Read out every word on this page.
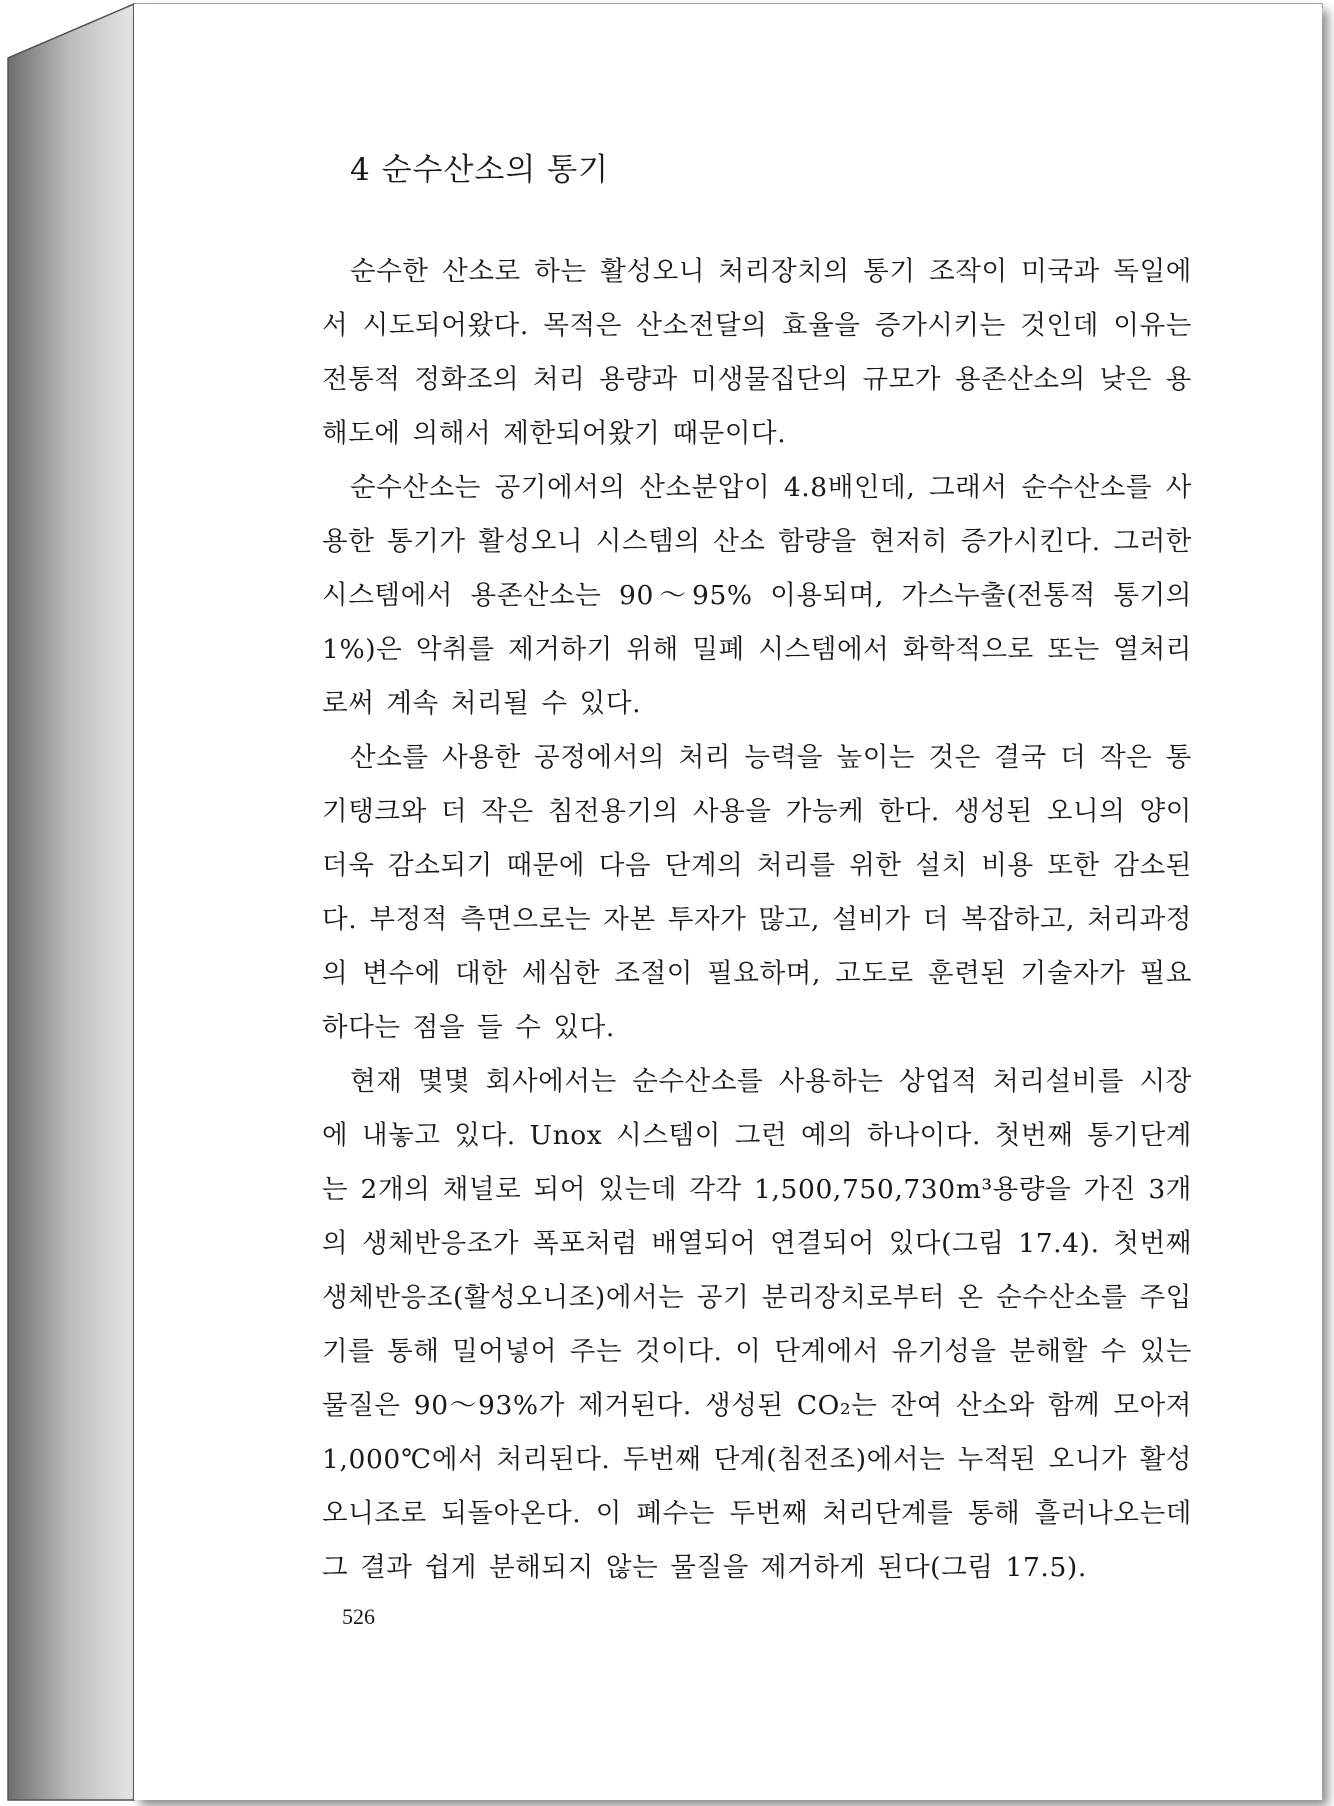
4 순수산소의 통기

순수한 산소로 하는 활성오니 처리장치의 통기 조작이 미국과 독일에서 시도되어왔다. 목적은 산소전달의 효율을 증가시키는 것인데 이유는 전통적 정화조의 처리 용량과 미생물집단의 규모가 용존산소의 낮은 용해도에 의해서 제한되어왔기 때문이다.

순수산소는 공기에서의 산소분압이 4.8배인데, 그래서 순수산소를 사용한 통기가 활성오니 시스템의 산소 함량을 현저히 증가시킨다. 그러한 시스템에서 용존산소는 90～95% 이용되며, 가스누출(전통적 통기의 1%)은 악취를 제거하기 위해 밀폐 시스템에서 화학적으로 또는 열처리로써 계속 처리될 수 있다.

산소를 사용한 공정에서의 처리 능력을 높이는 것은 결국 더 작은 통기탱크와 더 작은 침전용기의 사용을 가능케 한다. 생성된 오니의 양이 더욱 감소되기 때문에 다음 단계의 처리를 위한 설치 비용 또한 감소된다. 부정적 측면으로는 자본 투자가 많고, 설비가 더 복잡하고, 처리과정의 변수에 대한 세심한 조절이 필요하며, 고도로 훈련된 기술자가 필요하다는 점을 들 수 있다.

현재 몇몇 회사에서는 순수산소를 사용하는 상업적 처리설비를 시장에 내놓고 있다. Unox 시스템이 그런 예의 하나이다. 첫번째 통기단계는 2개의 채널로 되어 있는데 각각 1,500,750,730m³용량을 가진 3개의 생체반응조가 폭포처럼 배열되어 연결되어 있다(그림 17.4). 첫번째 생체반응조(활성오니조)에서는 공기 분리장치로부터 온 순수산소를 주입기를 통해 밀어넣어 주는 것이다. 이 단계에서 유기성을 분해할 수 있는 물질은 90～93%가 제거된다. 생성된 CO₂는 잔여 산소와 함께 모아져 1,000℃에서 처리된다. 두번째 단계(침전조)에서는 누적된 오니가 활성오니조로 되돌아온다. 이 폐수는 두번째 처리단계를 통해 흘러나오는데 그 결과 쉽게 분해되지 않는 물질을 제거하게 된다(그림 17.5).

526
